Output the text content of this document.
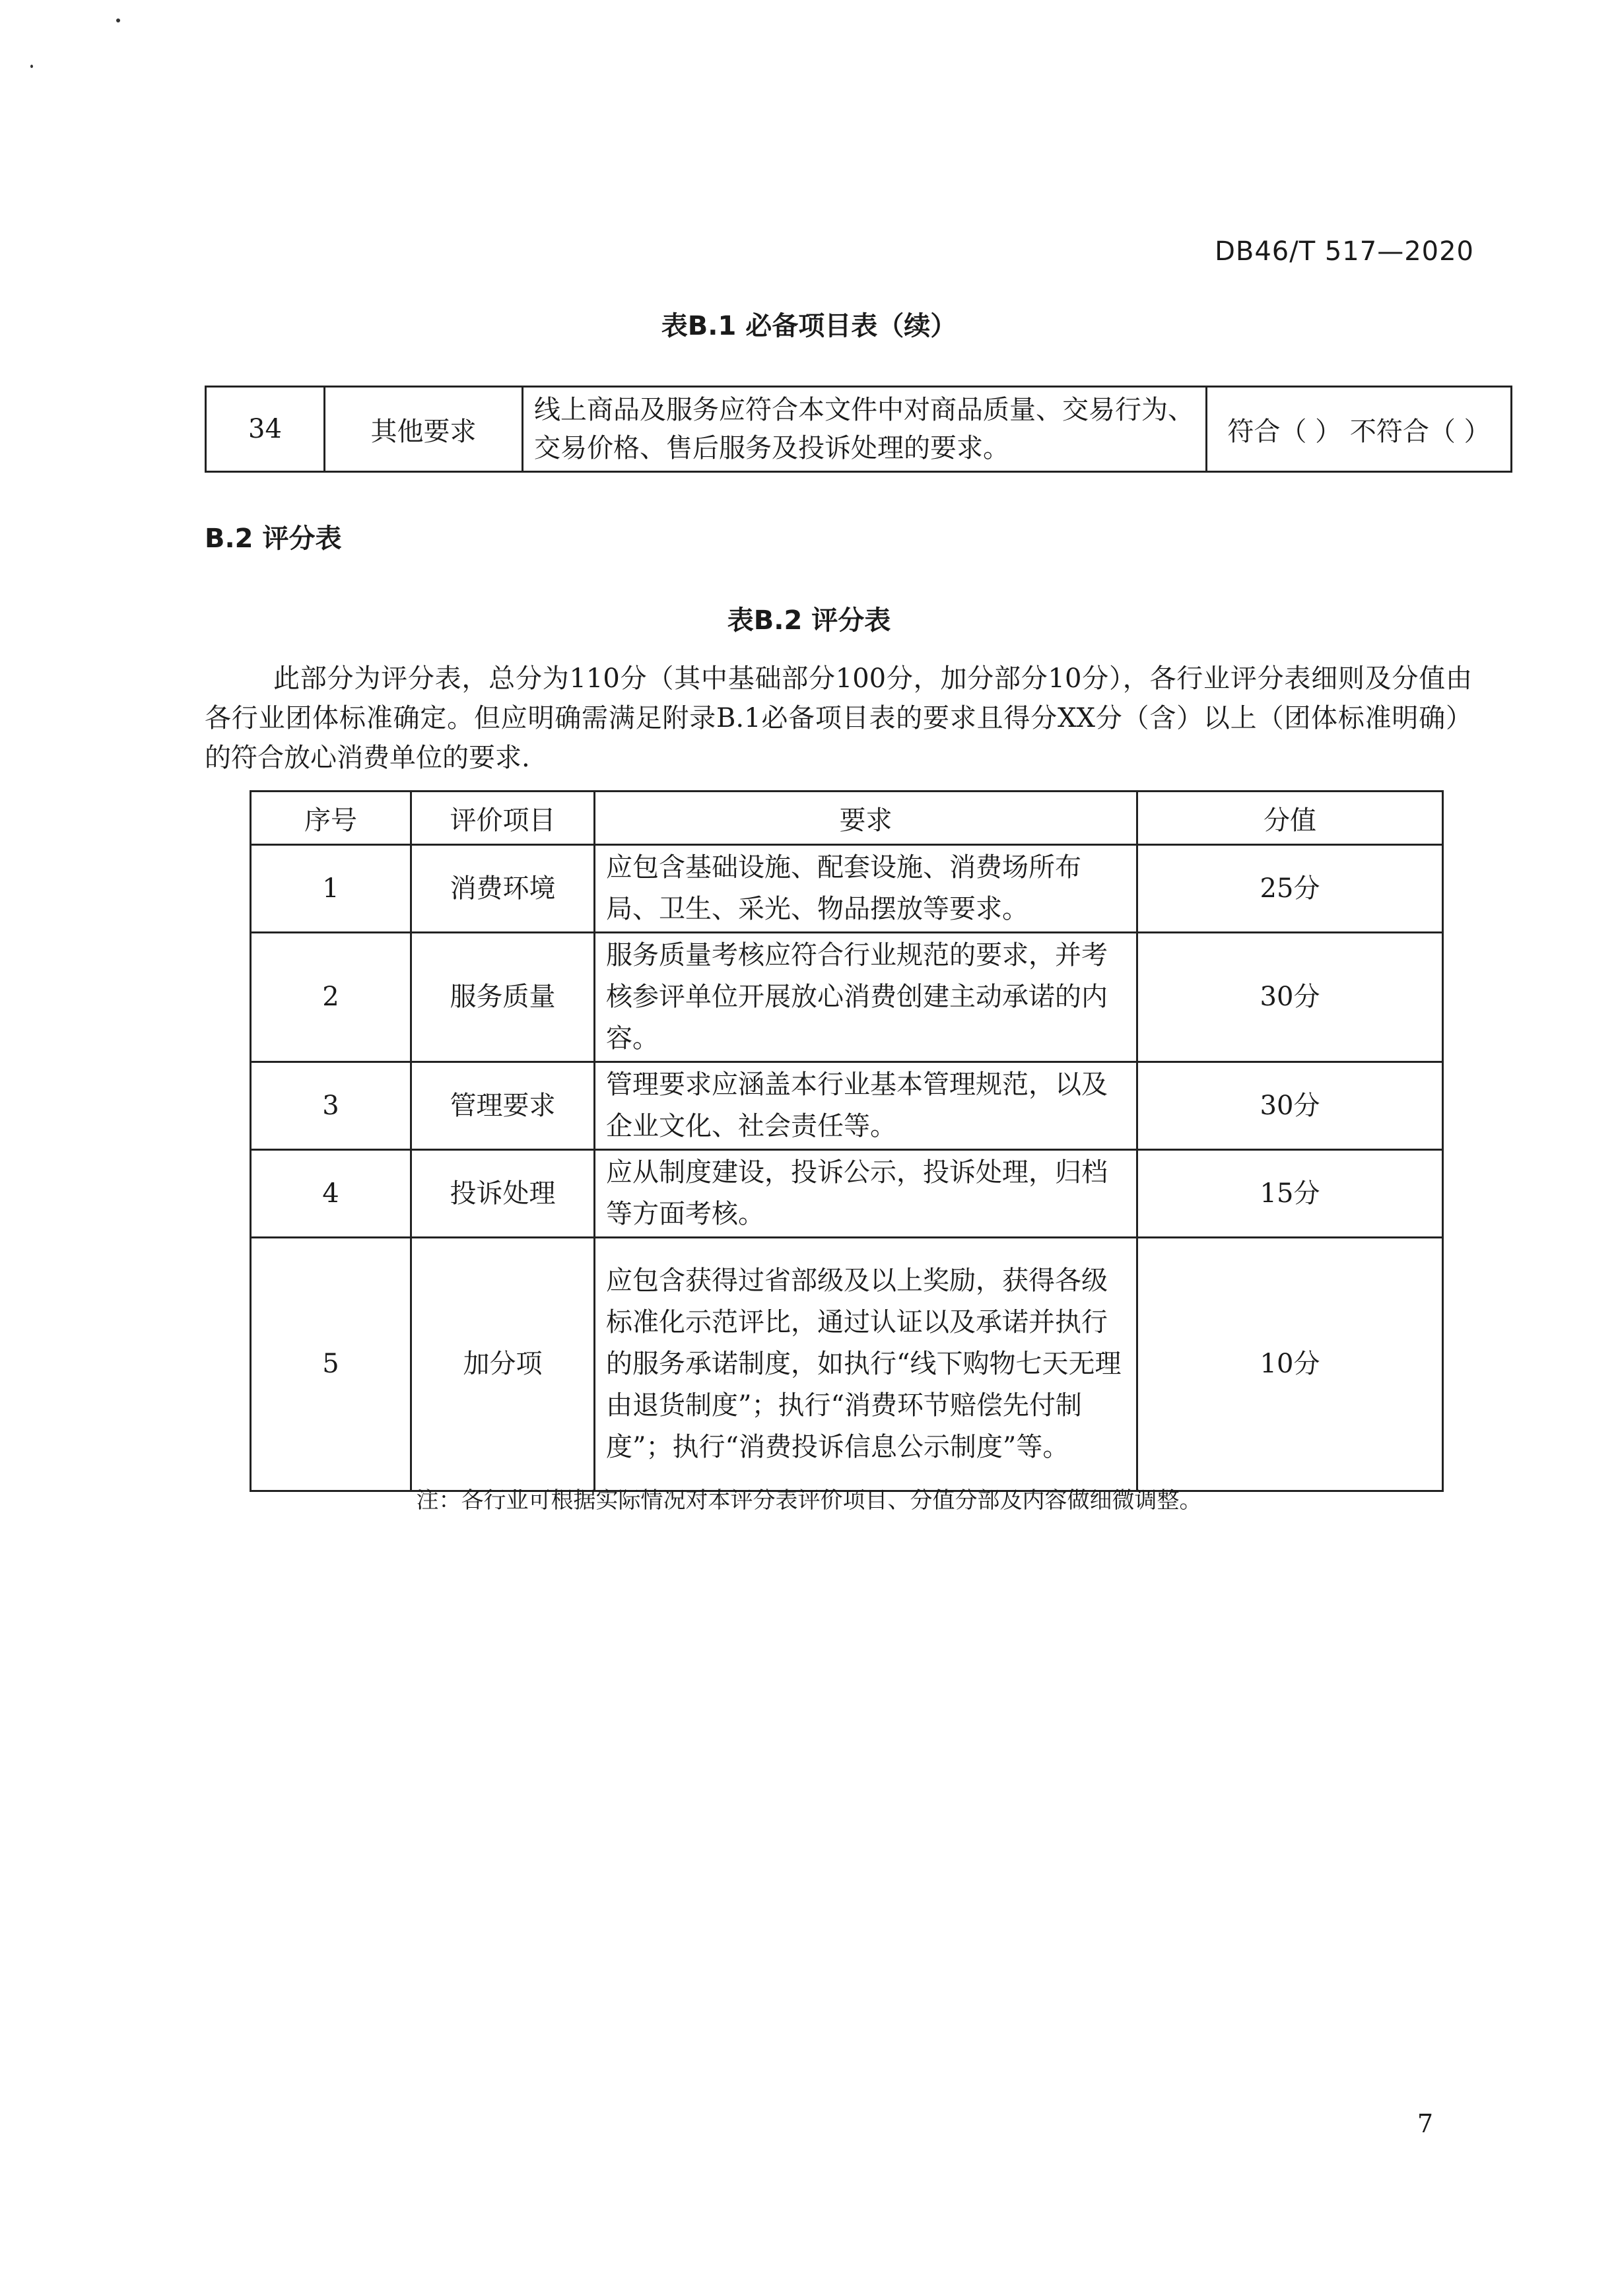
DB46/T 517—2020
表B.1 必备项目表（续）
34	其他要求	线上商品及服务应符合本文件中对商品质量、交易行为、交易价格、售后服务及投诉处理的要求。	符合（ ） 不符合（ ）
B.2 评分表
表B.2 评分表
此部分为评分表，总分为110分（其中基础部分100分，加分部分10分），各行业评分表细则及分值由各行业团体标准确定。但应明确需满足附录B.1必备项目表的要求且得分XX分（含）以上（团体标准明确）的符合放心消费单位的要求.
序号	评价项目	要求	分值
1	消费环境	应包含基础设施、配套设施、消费场所布局、卫生、采光、物品摆放等要求。	25分
2	服务质量	服务质量考核应符合行业规范的要求，并考核参评单位开展放心消费创建主动承诺的内容。	30分
3	管理要求	管理要求应涵盖本行业基本管理规范，以及企业文化、社会责任等。	30分
4	投诉处理	应从制度建设，投诉公示，投诉处理，归档等方面考核。	15分
5	加分项	应包含获得过省部级及以上奖励，获得各级标准化示范评比，通过认证以及承诺并执行的服务承诺制度，如执行“线下购物七天无理由退货制度”；执行“消费环节赔偿先付制度”；执行“消费投诉信息公示制度”等。	10分
注：各行业可根据实际情况对本评分表评价项目、分值分部及内容做细微调整。
7
